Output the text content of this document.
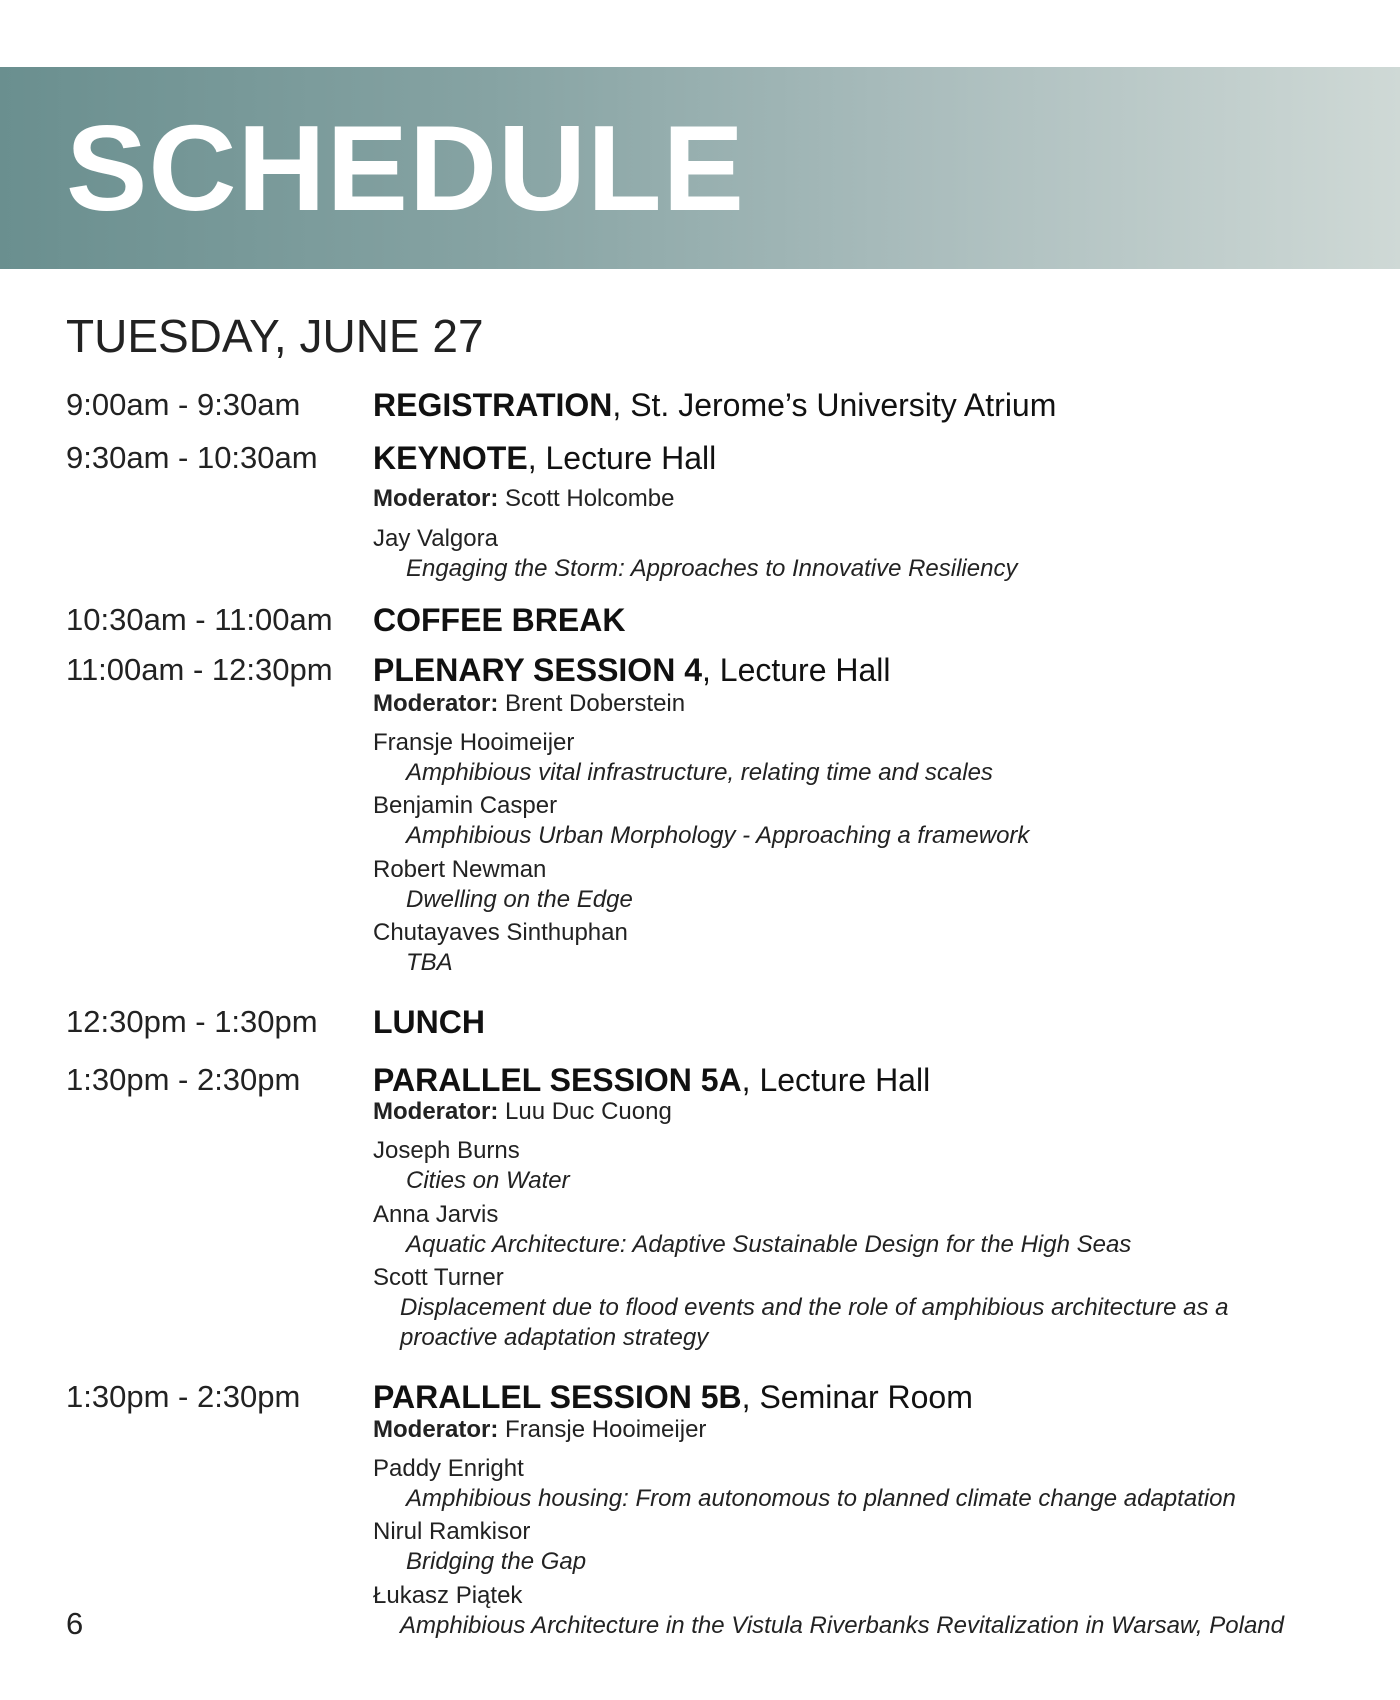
SCHEDULE
TUESDAY, JUNE 27
9:00am - 9:30am REGISTRATION, St. Jerome’s University Atrium
9:30am - 10:30am KEYNOTE, Lecture Hall
Moderator: Scott Holcombe
Jay Valgora
Engaging the Storm: Approaches to Innovative Resiliency
10:30am - 11:00am COFFEE BREAK
11:00am - 12:30pm PLENARY SESSION 4, Lecture Hall
Moderator: Brent Doberstein
Fransje Hooimeijer
Amphibious vital infrastructure, relating time and scales
Benjamin Casper
Amphibious Urban Morphology - Approaching a framework
Robert Newman
Dwelling on the Edge
Chutayaves Sinthuphan
TBA
12:30pm - 1:30pm LUNCH
1:30pm - 2:30pm PARALLEL SESSION 5A, Lecture Hall
Moderator: Luu Duc Cuong
Joseph Burns
Cities on Water
Anna Jarvis
Aquatic Architecture: Adaptive Sustainable Design for the High Seas
Scott Turner
Displacement due to flood events and the role of amphibious architecture as a proactive adaptation strategy
1:30pm - 2:30pm PARALLEL SESSION 5B, Seminar Room
Moderator: Fransje Hooimeijer
Paddy Enright
Amphibious housing: From autonomous to planned climate change adaptation
Nirul Ramkisor
Bridging the Gap
Łukasz Piątek
Amphibious Architecture in the Vistula Riverbanks Revitalization in Warsaw, Poland
6
